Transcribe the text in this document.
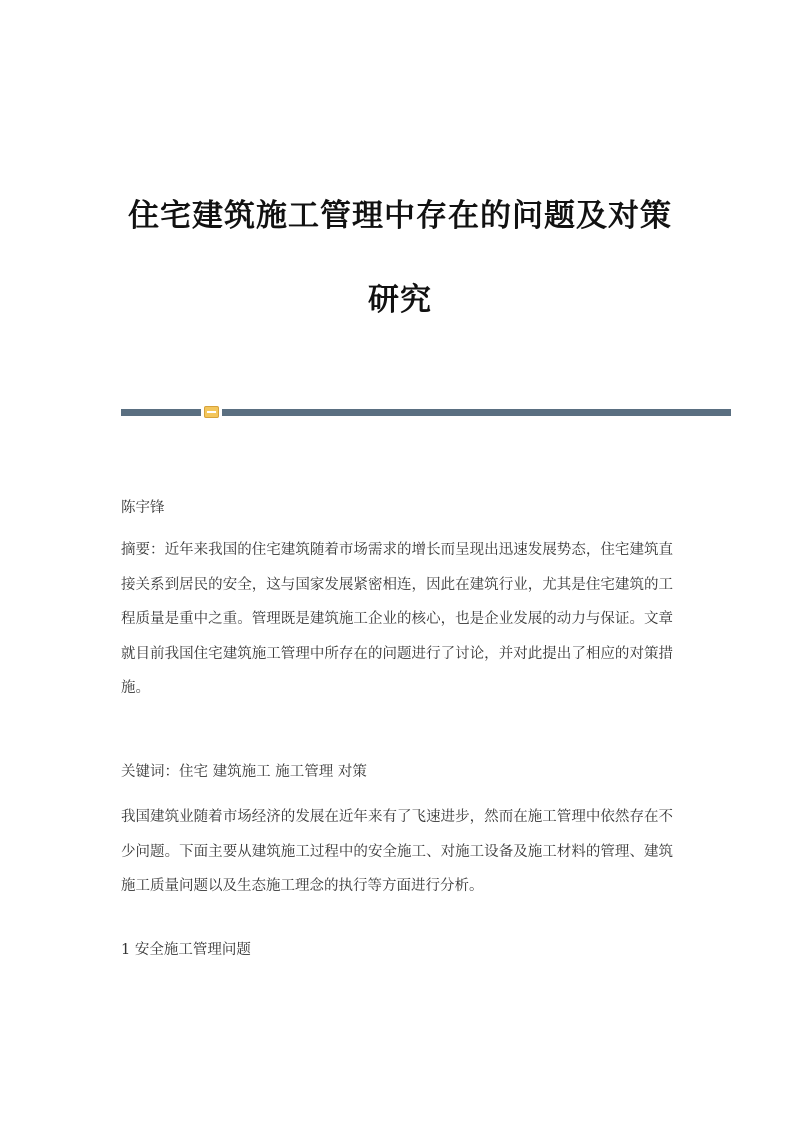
住宅建筑施工管理中存在的问题及对策
研究
陈宇锋
摘要：近年来我国的住宅建筑随着市场需求的增长而呈现出迅速发展势态，住宅建筑直接关系到居民的安全，这与国家发展紧密相连，因此在建筑行业，尤其是住宅建筑的工程质量是重中之重。管理既是建筑施工企业的核心，也是企业发展的动力与保证。文章就目前我国住宅建筑施工管理中所存在的问题进行了讨论，并对此提出了相应的对策措施。
关键词：住宅 建筑施工 施工管理 对策
我国建筑业随着市场经济的发展在近年来有了飞速进步，然而在施工管理中依然存在不少问题。下面主要从建筑施工过程中的安全施工、对施工设备及施工材料的管理、建筑施工质量问题以及生态施工理念的执行等方面进行分析。
1 安全施工管理问题
